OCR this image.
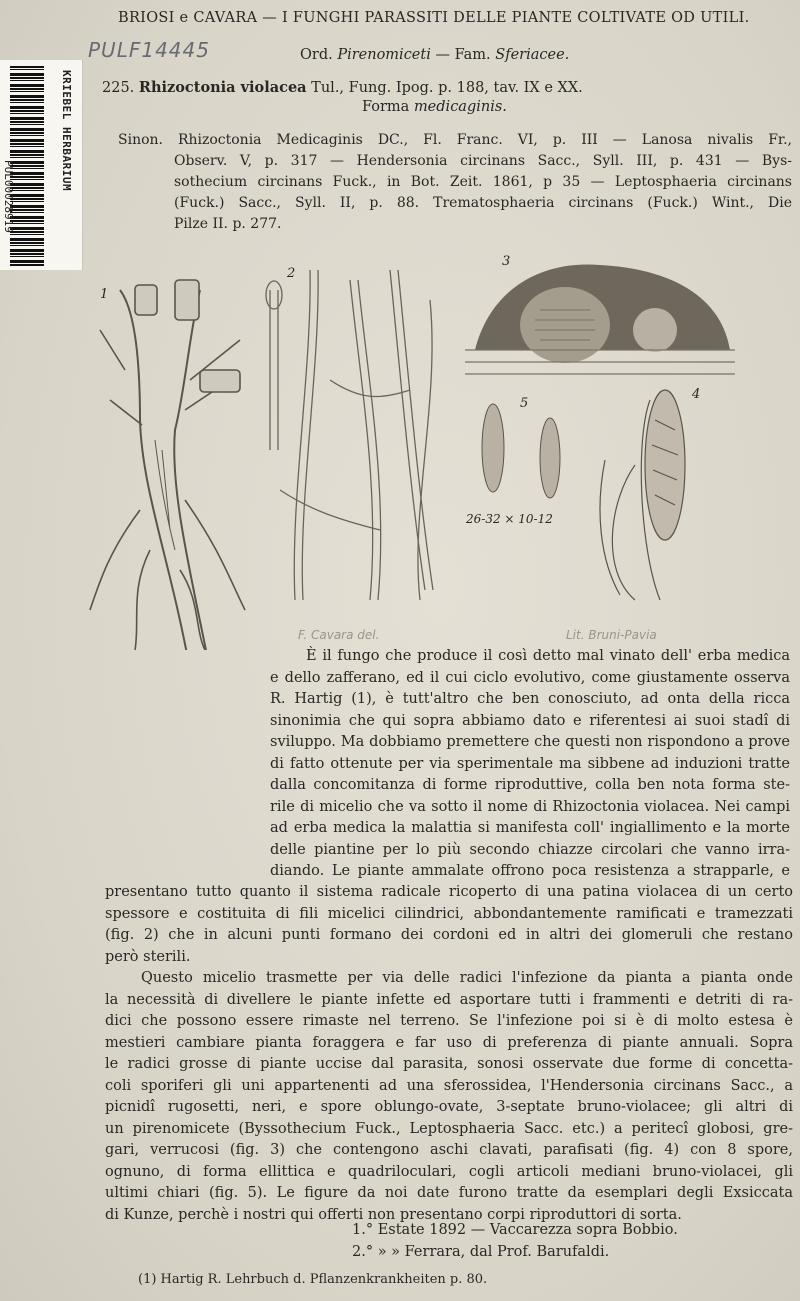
KRIEBEL HERBARIUM
PUL00028919
BRIOSI e CAVARA — I FUNGHI PARASSITI DELLE PIANTE COLTIVATE OD UTILI.
PULF14445	Ord. Pirenomiceti — Fam. Sferiacee.
225. Rhizoctonia violacea Tul., Fung. Ipog. p. 188, tav. IX e XX.
Forma medicaginis.

Sinon. Rhizoctonia Medicaginis DC., Fl. Franc. VI, p. III — Lanosa nivalis Fr.,

Observ. V, p. 317 — Hendersonia circinans Sacc., Syll. III, p. 431 — Bys-

sothecium circinans Fuck., in Bot. Zeit. 1861, p 35 — Leptosphaeria circinans

(Fuck.) Sacc., Syll. II, p. 88. Trematosphaeria circinans (Fuck.) Wint., Die

Pilze II. p. 277.

1
2
3
4
5
26-32 × 10-12
F. Cavara del.	Lit. Bruni-Pavia

È il fungo che produce il così detto mal vinato dell' erba medica

e dello zafferano, ed il cui ciclo evolutivo, come giustamente osserva

R. Hartig (1), è tutt'altro che ben conosciuto, ad onta della ricca

sinonimia che qui sopra abbiamo dato e riferentesi ai suoi stadî di

sviluppo. Ma dobbiamo premettere che questi non rispondono a prove

di fatto ottenute per via sperimentale ma sibbene ad induzioni tratte

dalla concomitanza di forme riproduttive, colla ben nota forma ste-

rile di micelio che va sotto il nome di Rhizoctonia violacea. Nei campi

ad erba medica la malattia si manifesta coll' ingiallimento e la morte

delle piantine per lo più secondo chiazze circolari che vanno irra-

diando. Le piante ammalate offrono poca resistenza a strapparle, e

presentano tutto quanto il sistema radicale ricoperto di una patina violacea di un certo

spessore e costituita di fili micelici cilindrici, abbondantemente ramificati e tramezzati

(fig. 2) che in alcuni punti formano dei cordoni ed in altri dei glomeruli che restano

però sterili.

Questo micelio trasmette per via delle radici l'infezione da pianta a pianta onde

la necessità di divellere le piante infette ed asportare tutti i frammenti e detriti di ra-

dici che possono essere rimaste nel terreno. Se l'infezione poi si è di molto estesa è

mestieri cambiare pianta foraggera e far uso di preferenza di piante annuali. Sopra

le radici grosse di piante uccise dal parasita, sonosi osservate due forme di concetta-

coli sporiferi gli uni appartenenti ad una sferossidea, l'Hendersonia circinans Sacc., a

picnidî rugosetti, neri, e spore oblungo-ovate, 3-septate bruno-violacee; gli altri di

un pirenomicete (Byssothecium Fuck., Leptosphaeria Sacc. etc.) a peritecî globosi, gre-

gari, verrucosi (fig. 3) che contengono aschi clavati, parafisati (fig. 4) con 8 spore,

ognuno, di forma ellittica e quadriloculari, cogli articoli mediani bruno-violacei, gli

ultimi chiari (fig. 5). Le figure da noi date furono tratte da esemplari degli Exsiccata

di Kunze, perchè i nostri qui offerti non presentano corpi riproduttori di sorta.

1.° Estate 1892 — Vaccarezza sopra Bobbio.
2.° » » Ferrara, dal Prof. Barufaldi.
(1) Hartig R. Lehrbuch d. Pflanzenkrankheiten p. 80.
